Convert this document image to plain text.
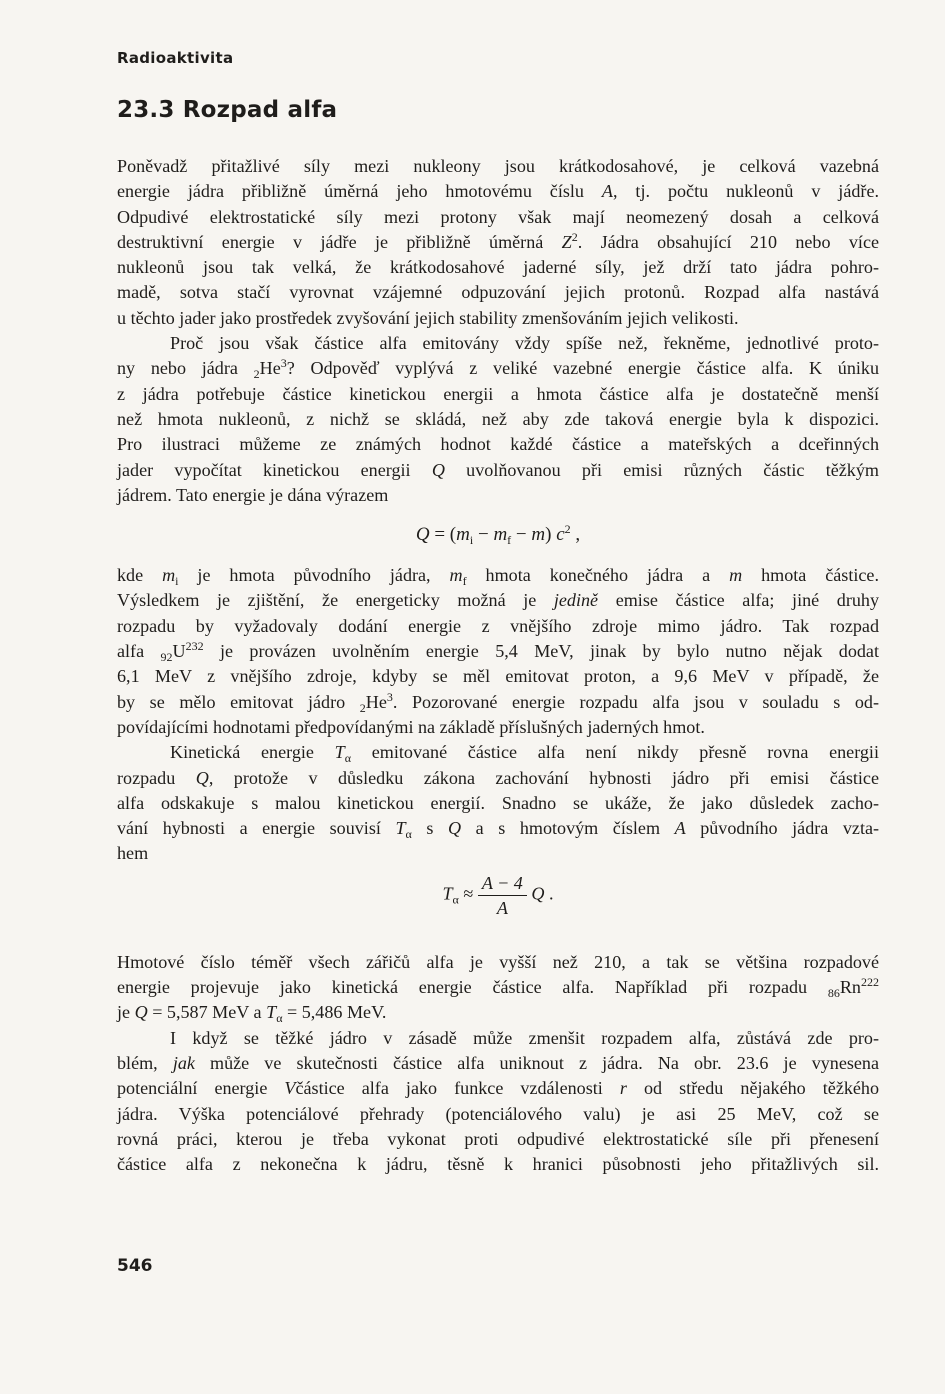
Radioaktivita
23.3 Rozpad alfa
Poněvadž přitažlivé síly mezi nukleony jsou krátkodosahové, je celková vazebná
energie jádra přibližně úměrná jeho hmotovému číslu A, tj. počtu nukleonů v jádře.
Odpudivé elektrostatické síly mezi protony však mají neomezený dosah a celková
destruktivní energie v jádře je přibližně úměrná $Z^2$. Jádra obsahující 210 nebo více
nukleonů jsou tak velká, že krátkodosahové jaderné síly, jež drží tato jádra pohro-
madě, sotva stačí vyrovnat vzájemné odpuzování jejich protonů. Rozpad alfa nastává
u těchto jader jako prostředek zvyšování jejich stability zmenšováním jejich velikosti.
Proč jsou však částice alfa emitovány vždy spíše než, řekněme, jednotlivé proto-
ny nebo jádra $_2He^3$? Odpověď vyplývá z veliké vazebné energie částice alfa. K úniku
z jádra potřebuje částice kinetickou energii a hmota částice alfa je dostatečně menší
než hmota nukleonů, z nichž se skládá, než aby zde taková energie byla k dispozici.
Pro ilustraci můžeme ze známých hodnot každé částice a mateřských a dceřinných
jader vypočítat kinetickou energii Q uvolňovanou při emisi různých částic těžkým
jádrem. Tato energie je dána výrazem
$Q = (m_i - m_f - m)$ $c^2$ ,
kde $m_i$ je hmota původního jádra, $m_f$ hmota konečného jádra a m hmota částice.
Výsledkem je zjištění, že energeticky možná je jedině emise částice alfa; jiné druhy
rozpadu by vyžadovaly dodání energie z vnějšího zdroje mimo jádro. Tak rozpad
alfa $_{92}U^{232}$ je provázen uvolněním energie 5,4 MeV, jinak by bylo nutno nějak dodat
6,1 MeV z vnějšího zdroje, kdyby se měl emitovat proton, a 9,6 MeV v případě, že
by se mělo emitovat jádro $_2He^3$. Pozorované energie rozpadu alfa jsou v souladu s od-
povídajícími hodnotami předpovídanými na základě příslušných jaderných hmot.
Kinetická energie $T_\alpha$ emitované částice alfa není nikdy přesně rovna energii
rozpadu Q, protože v důsledku zákona zachování hybnosti jádro při emisi částice
alfa odskakuje s malou kinetickou energií. Snadno se ukáže, že jako důsledek zacho-
vání hybnosti a energie souvisí $T_\alpha$ s Q a s hmotovým číslem A původního jádra vzta-
hem
$T_\alpha \approx \frac{A - 4}{A}$ Q .
Hmotové číslo téměř všech zářičů alfa je vyšší než 210, a tak se většina rozpadové
energie projevuje jako kinetická energie částice alfa. Například při rozpadu $_{86}Rn^{222}$
je Q = 5,587 MeV a $T_\alpha = 5,486$ MeV.
I když se těžké jádro v zásadě může zmenšit rozpadem alfa, zůstává zde pro-
blém, jak může ve skutečnosti částice alfa uniknout z jádra. Na obr. 23.6 je vynesena
potenciální energie Včástice alfa jako funkce vzdálenosti r od středu nějakého těžkého
jádra. Výška potenciálové přehrady (potenciálového valu) je asi 25 MeV, což se
rovná práci, kterou je třeba vykonat proti odpudivé elektrostatické síle při přenesení
částice alfa z nekonečna k jádru, těsně k hranici působnosti jeho přitažlivých sil.
546
